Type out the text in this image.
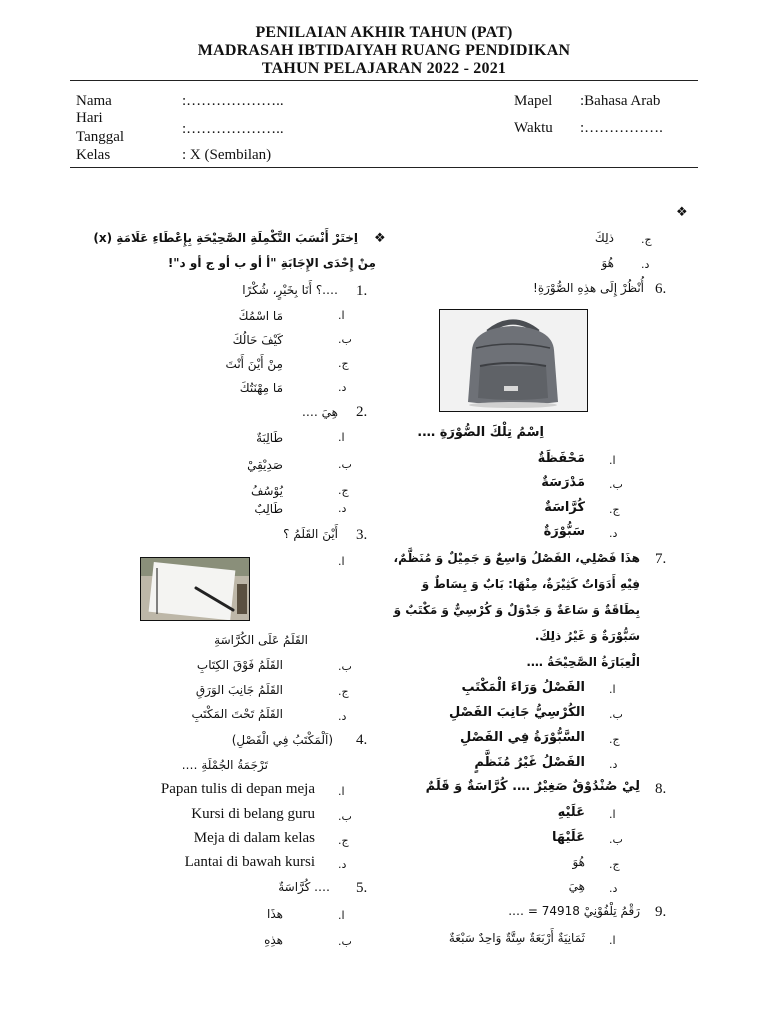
PENILAIAN AKHIR TAHUN (PAT)
MADRASAH IBTIDAIYAH RUANG PENDIDIKAN
TAHUN PELAJARAN 2022 - 2021
Nama	:………………..
Hari
Tanggal	:………………..
Kelas	: X (Sembilan)
Mapel :Bahasa Arab
Waktu :…………….
❖
❖
اِختَرْ أَنْسَبَ التَّكْمِلَةِ الصَّحِيْحَةِ بِإِعْطَاءِ عَلَامَةِ (x)
مِنْ إِحْدَى الإِجَابَةِ "أ أو ب أو ج أو د"!
1.
….؟ أَنَا بِخَيْرٍ، شُكْرًا
ا.
مَا اسْمُكَ
ب.
كَيْفَ حَالُكَ
ج.
مِنْ أَيْنَ أَنْتَ
د.
مَا مِهْنَتُكَ
2.
هِيَ ….
ا.
طَالِبَةٌ
ب.
صَدِيْقِيْ
ج.
يُوْسُفُ
د.
طَالِبٌ
3.
أَيْنَ القَلَمُ ؟
ا.
القَلَمُ عَلَى الكُرَّاسَةِ
ب.
القَلَمُ فَوْقَ الكِتَابِ
ج.
القَلَمُ جَانِبَ الوَرَقِ
د.
القَلَمُ تَحْتَ المَكْتَبِ
4.
(اَلْمَكْتَبُ فِي الْفَصْلِ)
تَرْجَمَةُ الجُمْلَةِ ….
ا.
Papan tulis di depan meja
ب.
Kursi di belang guru
ج.
Meja di dalam kelas
د.
Lantai di bawah kursi
5.
…. كُرَّاسَةٌ
ا.
هذَا
ب.
هذِهِ
ج.
ذلِكَ
د.
هُوَ
6.
أُنْظُرْ إِلَى هذِهِ الصُّوْرَةِ!
اِسْمُ تِلْكَ الصُّوْرَةِ ….
ا.
مَحْفَظَةٌ
ب.
مَدْرَسَةٌ
ج.
كُرَّاسَةٌ
د.
سَبُّوْرَةٌ
7.
هذَا فَصْلِي، الفَصْلُ وَاسِعٌ وَ جَمِيْلٌ وَ مُنَظَّمٌ،
فِيْهِ أَدَوَاتٌ كَثِيْرَةٌ، مِنْهَا: بَابٌ وَ بِسَاطٌ وَ
بِطَاقَةٌ وَ سَاعَةٌ وَ جَدْوَلٌ وَ كُرْسِيٌّ وَ مَكْتَبٌ وَ
سَبُّوْرَةٌ وَ غَيْرُ ذلِكَ.
الْعِبَارَةُ الصَّحِيْحَةُ ….
ا.
الفَصْلُ وَرَاءَ الْمَكْتَبِ
ب.
الكُرْسِيُّ جَانِبَ الفَصْلِ
ج.
السَّبُّوْرَةُ فِي الفَصْلِ
د.
الفَصْلُ غَيْرُ مُنَظَّمٍ
8.
لِيْ صُنْدُوْقٌ صَغِيْرٌ …. كُرَّاسَةٌ وَ قَلَمٌ
ا.
عَلَيْهِ
ب.
عَلَيْهَا
ج.
هُوَ
د.
هِيَ
9.
رَقْمُ تِلْفُوْنِيْ 74918 = ….
ا.
ثَمَانِيَةٌ أَرْبَعَةٌ سِتَّةٌ وَاحِدٌ سَبْعَةٌ
